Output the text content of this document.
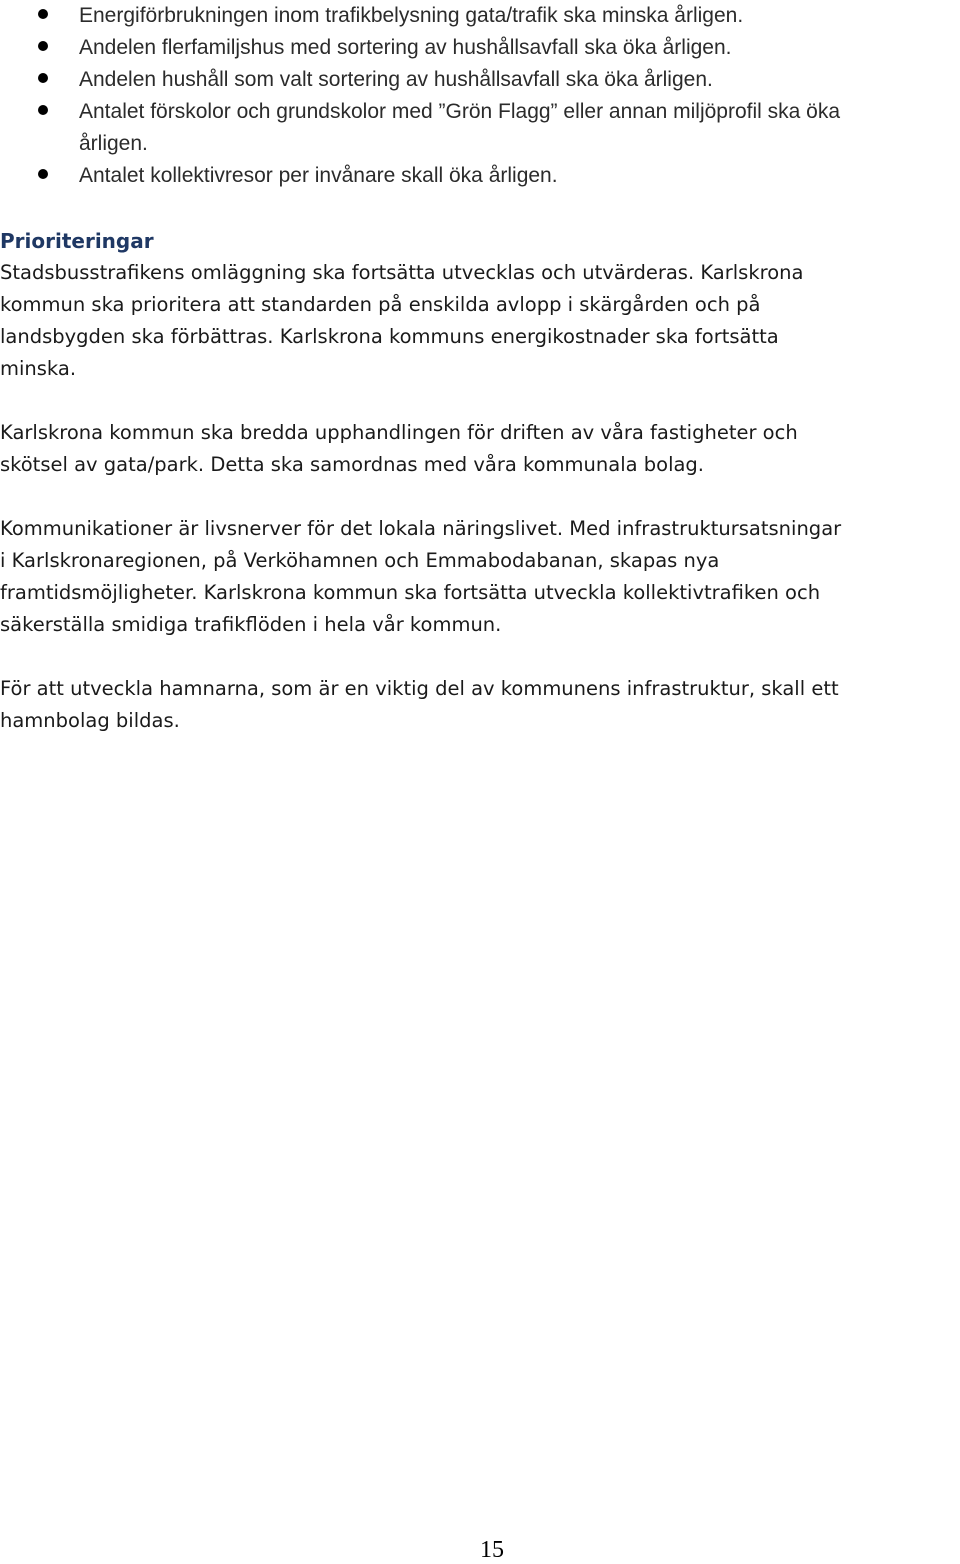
Energiförbrukningen inom trafikbelysning gata/trafik ska minska årligen.
Andelen flerfamiljshus med sortering av hushållsavfall ska öka årligen.
Andelen hushåll som valt sortering av hushållsavfall ska öka årligen.
Antalet förskolor och grundskolor med ”Grön Flagg” eller annan miljöprofil ska öka
årligen.
Antalet kollektivresor per invånare skall öka årligen.
Prioriteringar
Stadsbusstrafikens omläggning ska fortsätta utvecklas och utvärderas. Karlskrona
kommun ska prioritera att standarden på enskilda avlopp i skärgården och på
landsbygden ska förbättras. Karlskrona kommuns energikostnader ska fortsätta
minska.
Karlskrona kommun ska bredda upphandlingen för driften av våra fastigheter och
skötsel av gata/park. Detta ska samordnas med våra kommunala bolag.
Kommunikationer är livsnerver för det lokala näringslivet. Med infrastruktursatsningar
i Karlskronaregionen, på Verköhamnen och Emmabodabanan, skapas nya
framtidsmöjligheter. Karlskrona kommun ska fortsätta utveckla kollektivtrafiken och
säkerställa smidiga trafikflöden i hela vår kommun.
För att utveckla hamnarna, som är en viktig del av kommunens infrastruktur, skall ett
hamnbolag bildas.
15
